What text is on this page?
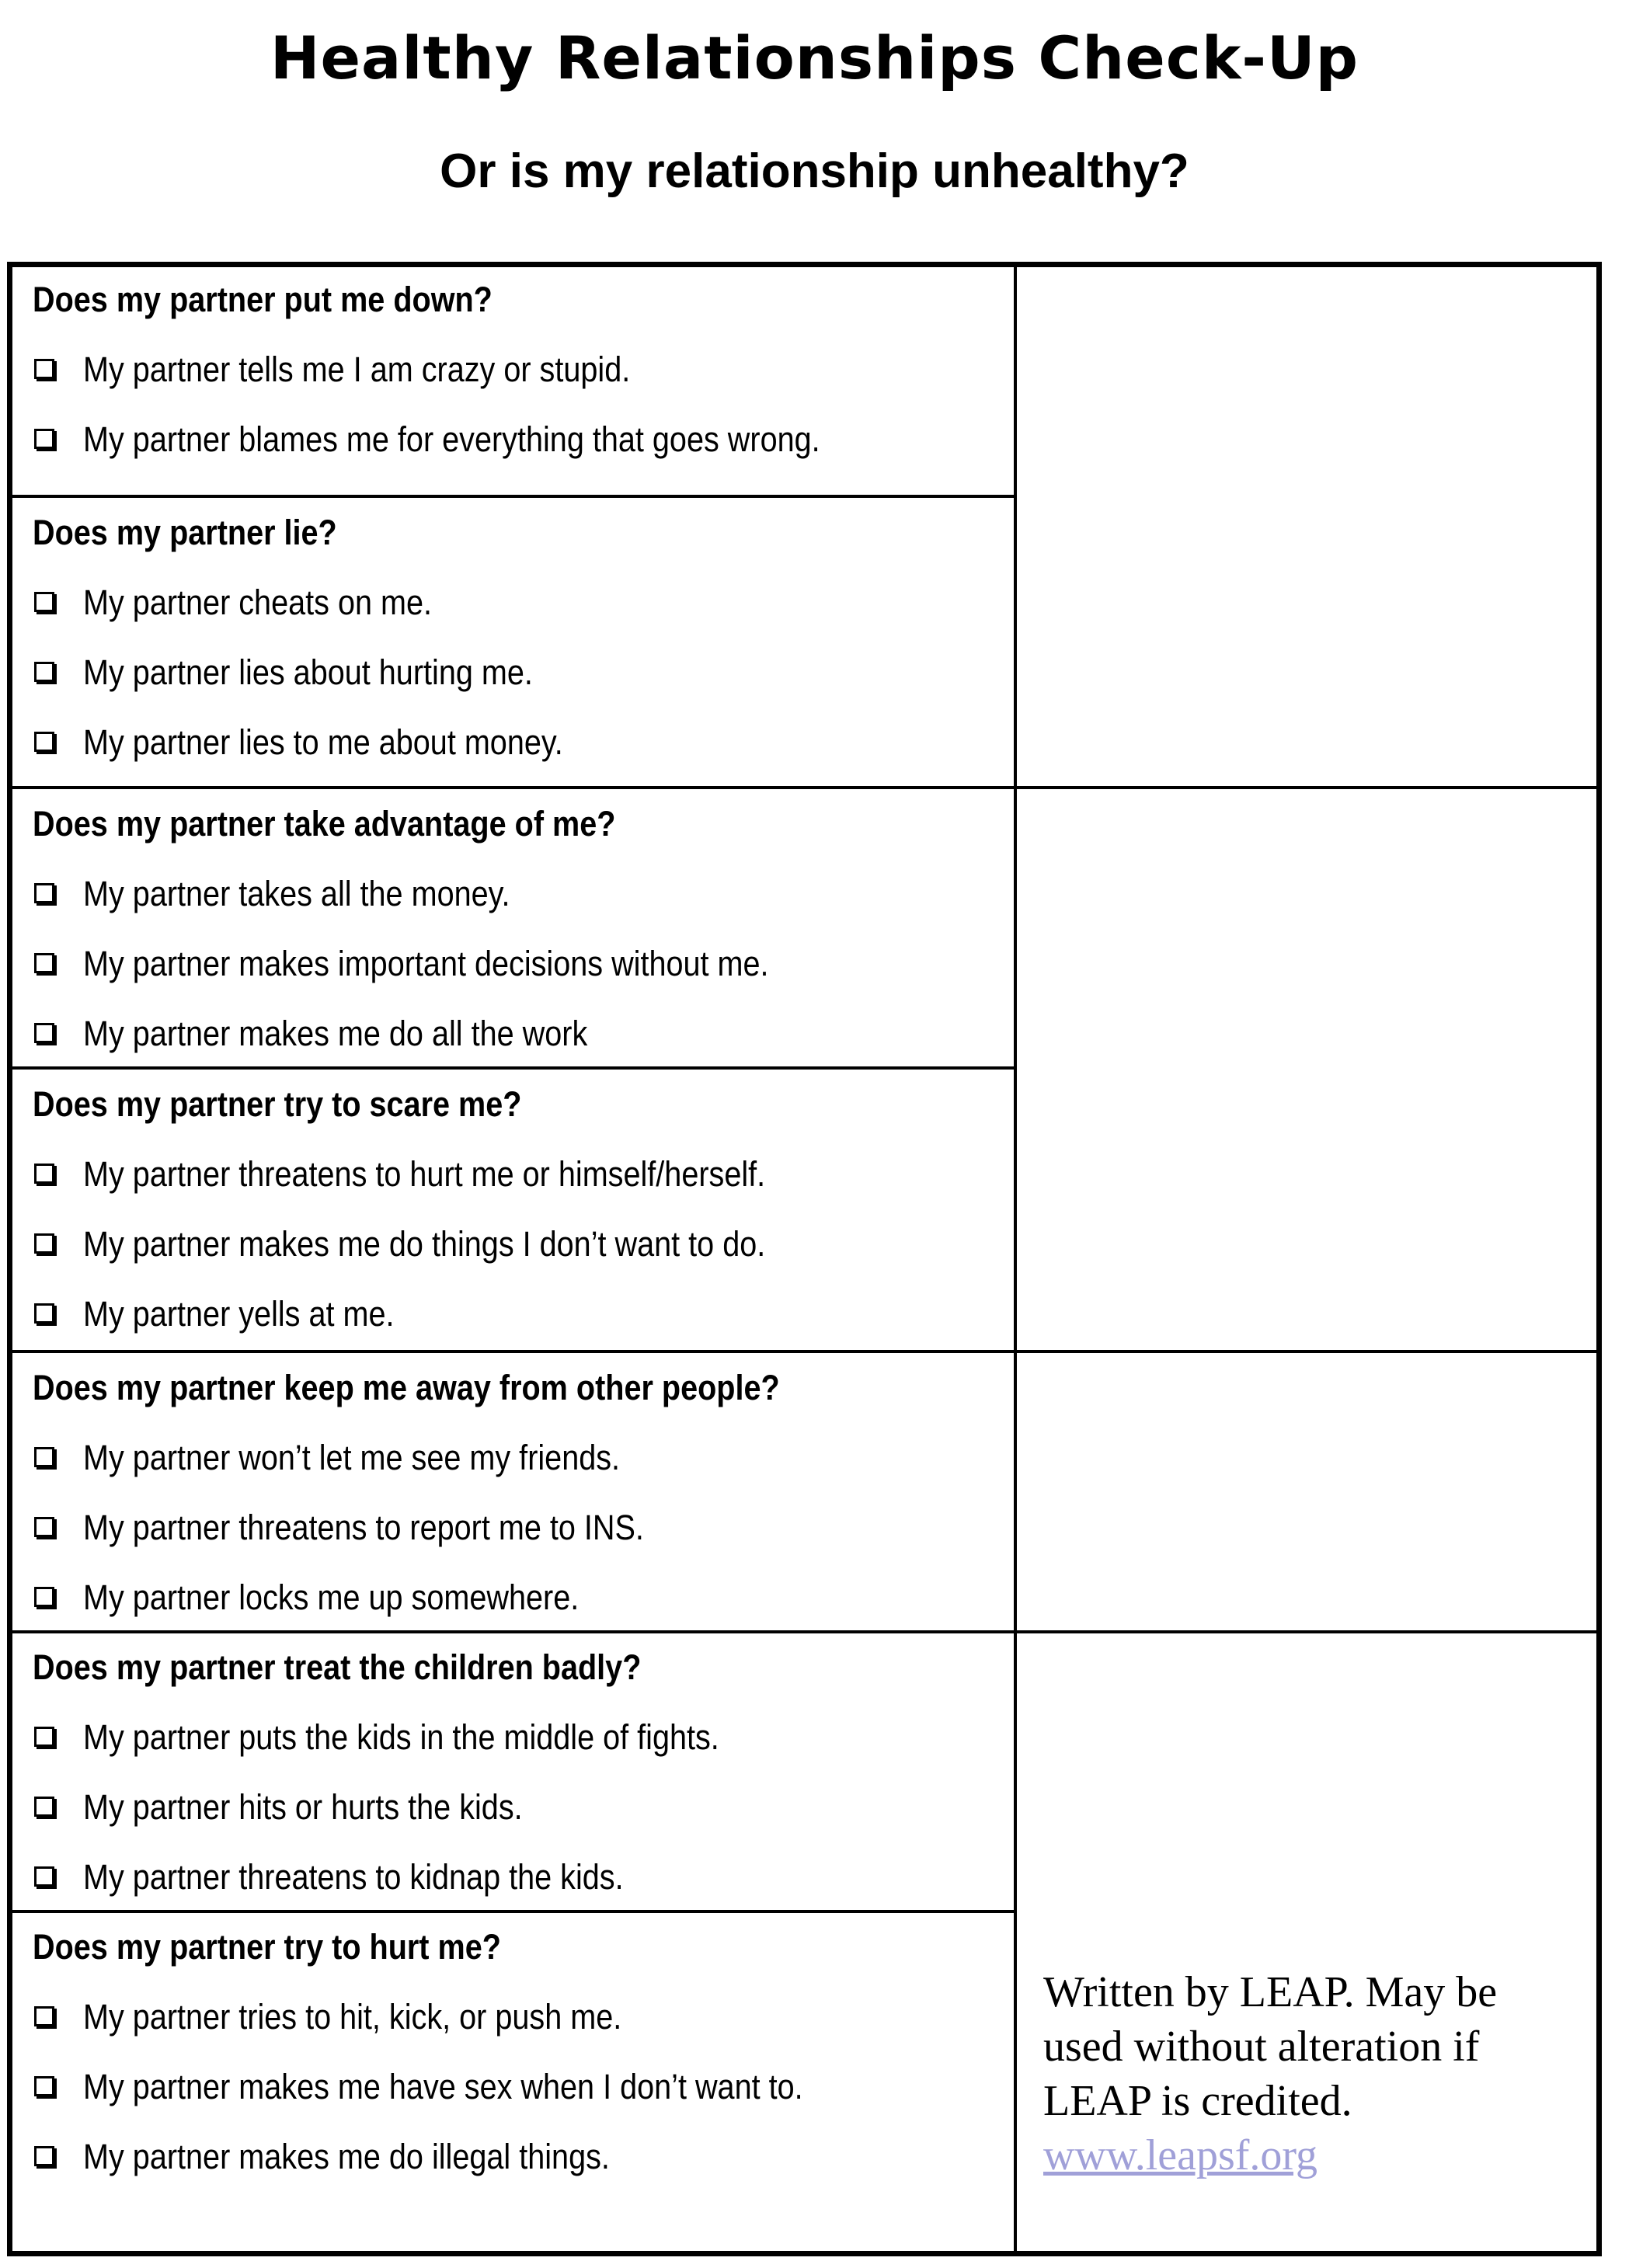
Healthy Relationships Check-Up
Or is my relationship unhealthy?
Does my partner put me down?
My partner tells me I am crazy or stupid.
My partner blames me for everything that goes wrong.
Does my partner lie?
My partner cheats on me.
My partner lies about hurting me.
My partner lies to me about money.
Does my partner take advantage of me?
My partner takes all the money.
My partner makes important decisions without me.
My partner makes me do all the work
Does my partner try to scare me?
My partner threatens to hurt me or himself/herself.
My partner makes me do things I don’t want to do.
My partner yells at me.
Does my partner keep me away from other people?
My partner won’t let me see my friends.
My partner threatens to report me to INS.
My partner locks me up somewhere.
Does my partner treat the children badly?
My partner puts the kids in the middle of fights.
My partner hits or hurts the kids.
My partner threatens to kidnap the kids.
Does my partner try to hurt me?
My partner tries to hit, kick, or push me.
My partner makes me have sex when I don’t want to.
My partner makes me do illegal things.
Written by LEAP. May be
used without alteration if
LEAP is credited.
www.leapsf.org
